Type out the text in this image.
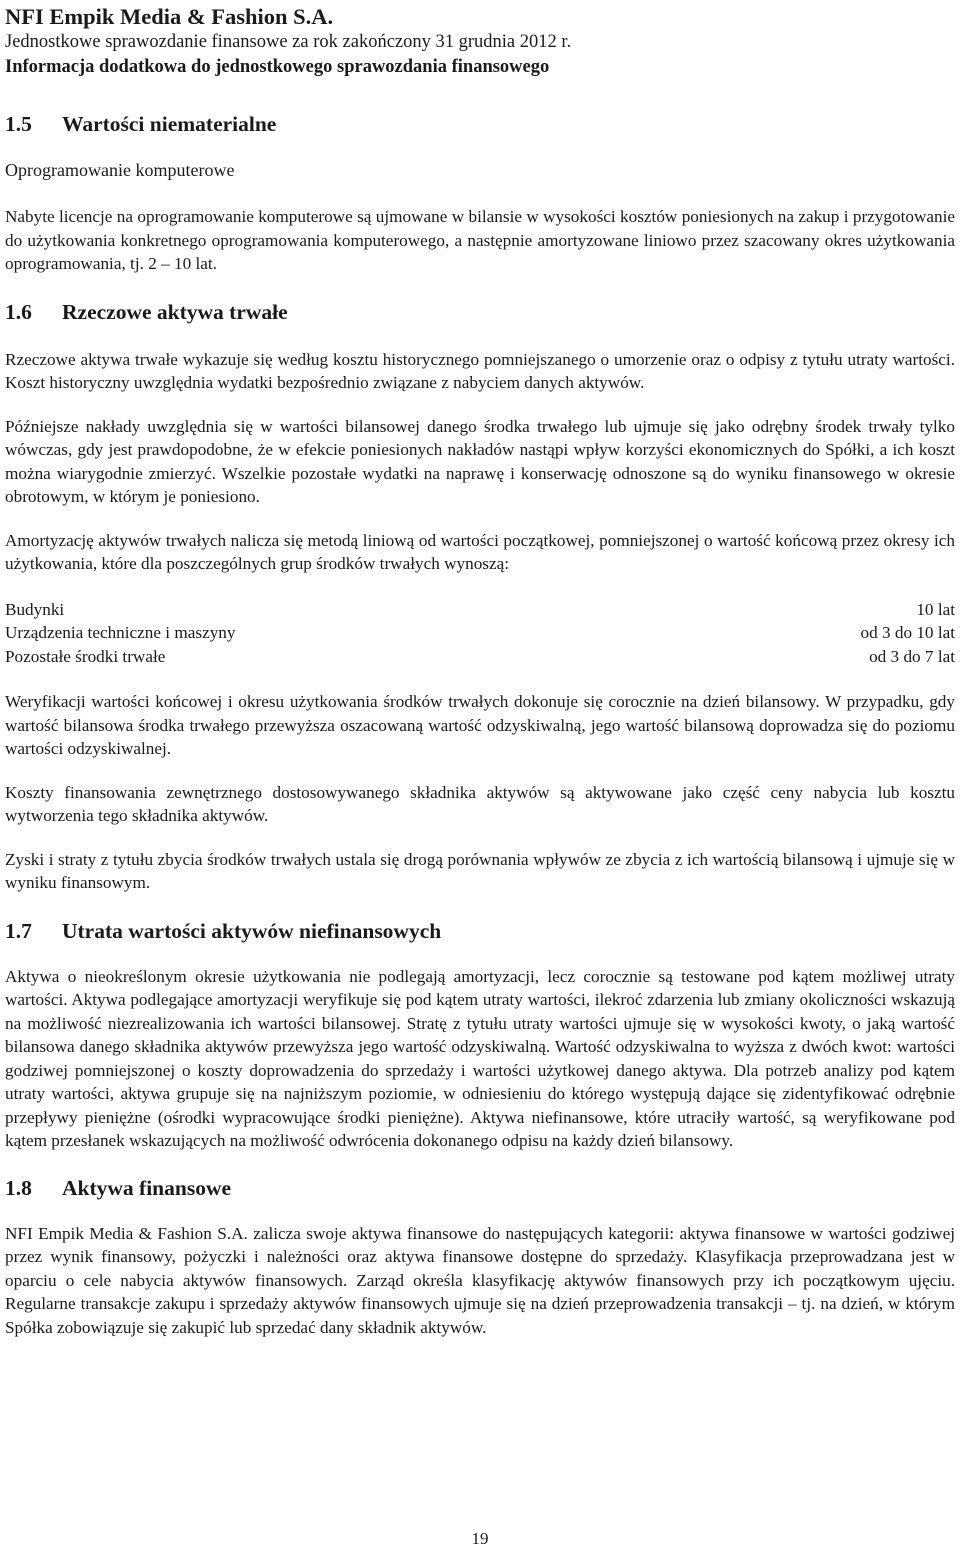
NFI Empik Media & Fashion S.A.
Jednostkowe sprawozdanie finansowe za rok zakończony 31 grudnia 2012 r.
Informacja dodatkowa do jednostkowego sprawozdania finansowego
1.5	Wartości niematerialne
Oprogramowanie komputerowe

Nabyte licencje na oprogramowanie komputerowe są ujmowane w bilansie w wysokości kosztów poniesionych na zakup i przygotowanie do użytkowania konkretnego oprogramowania komputerowego, a następnie amortyzowane liniowo przez szacowany okres użytkowania oprogramowania, tj. 2 – 10 lat.

1.6	Rzeczowe aktywa trwałe

Rzeczowe aktywa trwałe wykazuje się według kosztu historycznego pomniejszanego o umorzenie oraz o odpisy z tytułu utraty wartości. Koszt historyczny uwzględnia wydatki bezpośrednio związane z nabyciem danych aktywów.

Późniejsze nakłady uwzględnia się w wartości bilansowej danego środka trwałego lub ujmuje się jako odrębny środek trwały tylko wówczas, gdy jest prawdopodobne, że w efekcie poniesionych nakładów nastąpi wpływ korzyści ekonomicznych do Spółki, a ich koszt można wiarygodnie zmierzyć. Wszelkie pozostałe wydatki na naprawę i konserwację odnoszone są do wyniku finansowego w okresie obrotowym, w którym je poniesiono.

Amortyzację aktywów trwałych nalicza się metodą liniową od wartości początkowej, pomniejszonej o wartość końcową przez okresy ich użytkowania, które dla poszczególnych grup środków trwałych wynoszą:

Budynki	10 lat
Urządzenia techniczne i maszyny	od 3 do 10 lat
Pozostałe środki trwałe	od 3 do 7 lat

Weryfikacji wartości końcowej i okresu użytkowania środków trwałych dokonuje się corocznie na dzień bilansowy. W przypadku, gdy wartość bilansowa środka trwałego przewyższa oszacowaną wartość odzyskiwalną, jego wartość bilansową doprowadza się do poziomu wartości odzyskiwalnej.

Koszty finansowania zewnętrznego dostosowywanego składnika aktywów są aktywowane jako część ceny nabycia lub kosztu wytworzenia tego składnika aktywów.

Zyski i straty z tytułu zbycia środków trwałych ustala się drogą porównania wpływów ze zbycia z ich wartością bilansową i ujmuje się w wyniku finansowym.

1.7	Utrata wartości aktywów niefinansowych

Aktywa o nieokreślonym okresie użytkowania nie podlegają amortyzacji, lecz corocznie są testowane pod kątem możliwej utraty wartości. Aktywa podlegające amortyzacji weryfikuje się pod kątem utraty wartości, ilekroć zdarzenia lub zmiany okoliczności wskazują na możliwość niezrealizowania ich wartości bilansowej. Stratę z tytułu utraty wartości ujmuje się w wysokości kwoty, o jaką wartość bilansowa danego składnika aktywów przewyższa jego wartość odzyskiwalną. Wartość odzyskiwalna to wyższa z dwóch kwot: wartości godziwej pomniejszonej o koszty doprowadzenia do sprzedaży i wartości użytkowej danego aktywa. Dla potrzeb analizy pod kątem utraty wartości, aktywa grupuje się na najniższym poziomie, w odniesieniu do którego występują dające się zidentyfikować odrębnie przepływy pieniężne (ośrodki wypracowujące środki pieniężne). Aktywa niefinansowe, które utraciły wartość, są weryfikowane pod kątem przesłanek wskazujących na możliwość odwrócenia dokonanego odpisu na każdy dzień bilansowy.

1.8	Aktywa finansowe

NFI Empik Media & Fashion S.A. zalicza swoje aktywa finansowe do następujących kategorii: aktywa finansowe w wartości godziwej przez wynik finansowy, pożyczki i należności oraz aktywa finansowe dostępne do sprzedaży. Klasyfikacja przeprowadzana jest w oparciu o cele nabycia aktywów finansowych. Zarząd określa klasyfikację aktywów finansowych przy ich początkowym ujęciu. Regularne transakcje zakupu i sprzedaży aktywów finansowych ujmuje się na dzień przeprowadzenia transakcji – tj. na dzień, w którym Spółka zobowiązuje się zakupić lub sprzedać dany składnik aktywów.

19
